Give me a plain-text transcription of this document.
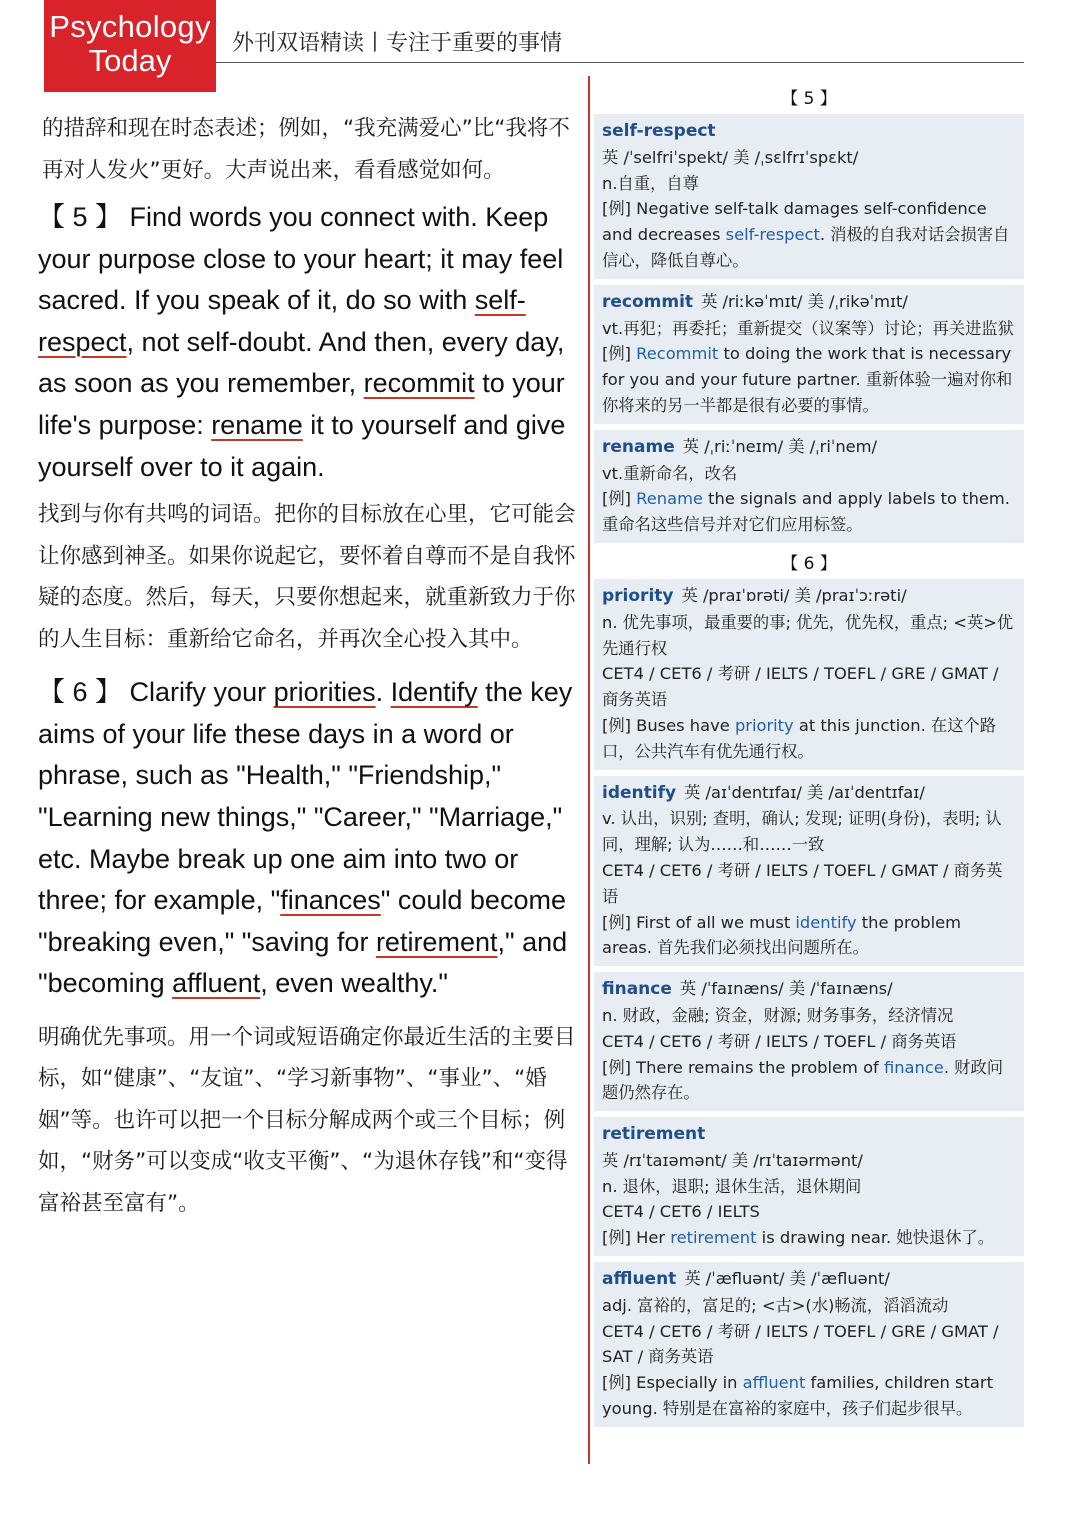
Psychology
Today	外刊双语精读丨专注于重要的事情

的措辞和现在时态表述；例如，“我充满爱心”比“我将不再对人发火”更好。大声说出来，看看感觉如何。

【 5 】 Find words you connect with. Keep your purpose close to your heart; it may feel sacred. If you speak of it, do so with self-respect, not self-doubt. And then, every day, as soon as you remember, recommit to your life's purpose: rename it to yourself and give yourself over to it again.

找到与你有共鸣的词语。把你的目标放在心里，它可能会让你感到神圣。如果你说起它，要怀着自尊而不是自我怀疑的态度。然后，每天，只要你想起来，就重新致力于你的人生目标：重新给它命名，并再次全心投入其中。

【 6 】 Clarify your priorities. Identify the key aims of your life these days in a word or phrase, such as "Health," "Friendship," "Learning new things," "Career," "Marriage," etc. Maybe break up one aim into two or three; for example, "finances" could become "breaking even," "saving for retirement," and "becoming affluent, even wealthy."

明确优先事项。用一个词或短语确定你最近生活的主要目标，如“健康”、“友谊”、“学习新事物”、“事业”、“婚姻”等。也许可以把一个目标分解成两个或三个目标；例如，“财务”可以变成“收支平衡”、“为退休存钱”和“变得富裕甚至富有”。

【 5 】
self-respect
英 /ˈselfriˈspekt/ 美 /ˌsɛlfrɪˈspɛkt/
n.自重，自尊
[例] Negative self-talk damages self-confidence and decreases self-respect. 消极的自我对话会损害自信心，降低自尊心。
recommit 英 /riːkəˈmɪt/ 美 /ˌrikəˈmɪt/
vt.再犯；再委托；重新提交（议案等）讨论；再关进监狱
[例] Recommit to doing the work that is necessary for you and your future partner. 重新体验一遍对你和你将来的另一半都是很有必要的事情。
rename 英 /ˌriːˈneɪm/ 美 /ˌriˈnem/
vt.重新命名，改名
[例] Rename the signals and apply labels to them. 重命名这些信号并对它们应用标签。
【 6 】
priority 英 /praɪˈɒrəti/ 美 /praɪˈɔːrəti/
n. 优先事项，最重要的事; 优先，优先权，重点; <英>优先通行权
CET4 / CET6 / 考研 / IELTS / TOEFL / GRE / GMAT / 商务英语
[例] Buses have priority at this junction. 在这个路口，公共汽车有优先通行权。
identify 英 /aɪˈdentɪfaɪ/ 美 /aɪˈdentɪfaɪ/
v. 认出，识别; 查明，确认; 发现; 证明(身份)，表明; 认同，理解; 认为……和……一致
CET4 / CET6 / 考研 / IELTS / TOEFL / GMAT / 商务英语
[例] First of all we must identify the problem areas. 首先我们必须找出问题所在。
finance 英 /ˈfaɪnæns/ 美 /ˈfaɪnæns/
n. 财政，金融; 资金，财源; 财务事务，经济情况
CET4 / CET6 / 考研 / IELTS / TOEFL / 商务英语
[例] There remains the problem of finance. 财政问题仍然存在。
retirement
英 /rɪˈtaɪəmənt/ 美 /rɪˈtaɪərmənt/
n. 退休，退职; 退休生活，退休期间
CET4 / CET6 / IELTS
[例] Her retirement is drawing near. 她快退休了。
affluent 英 /ˈæfluənt/ 美 /ˈæfluənt/
adj. 富裕的，富足的; <古>(水)畅流，滔滔流动
CET4 / CET6 / 考研 / IELTS / TOEFL / GRE / GMAT / SAT / 商务英语
[例] Especially in affluent families, children start young. 特别是在富裕的家庭中，孩子们起步很早。
